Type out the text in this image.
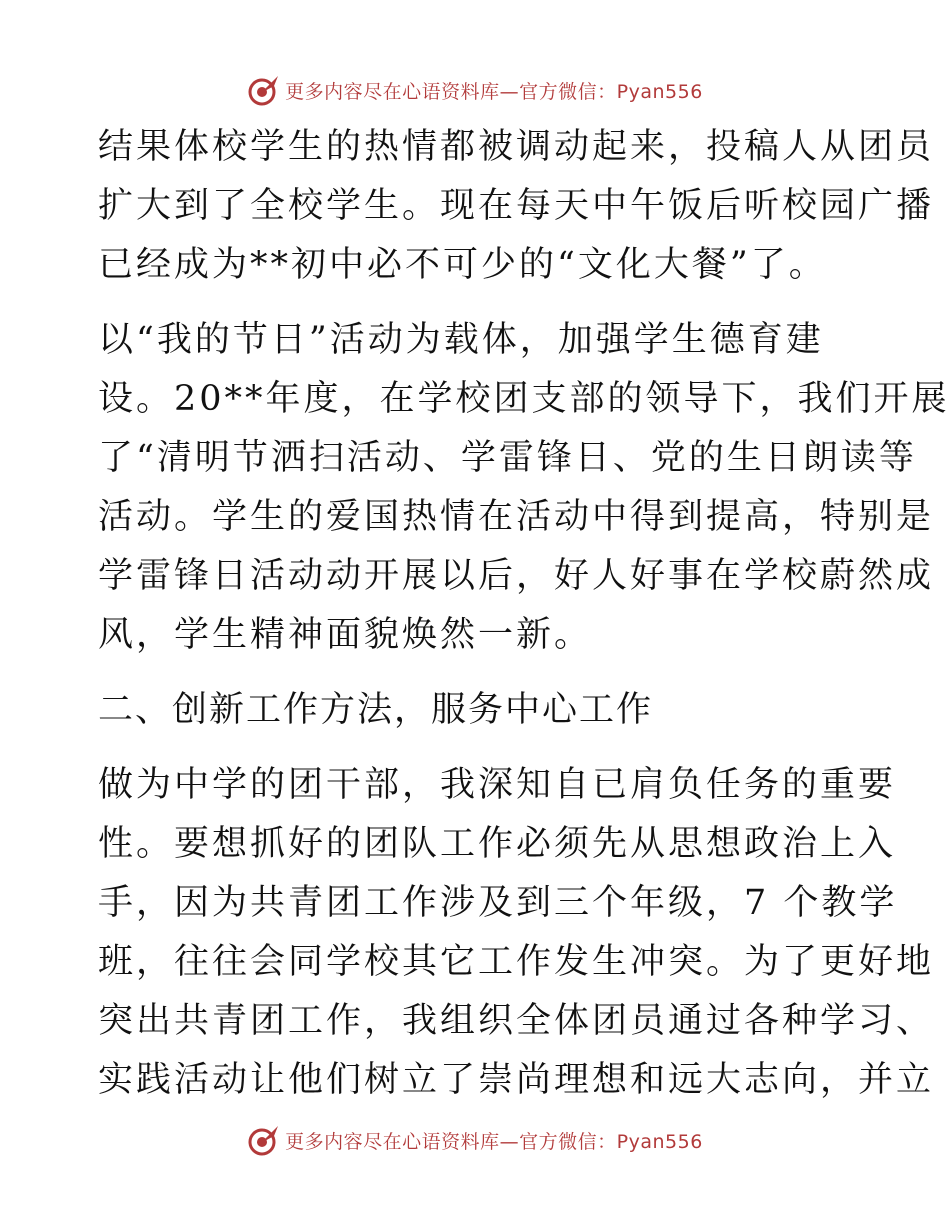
更多内容尽在心语资料库—官方微信：Pyan556
结果体校学生的热情都被调动起来，投稿人从团员
扩大到了全校学生。现在每天中午饭后听校园广播
已经成为**初中必不可少的“文化大餐”了。
以“我的节日”活动为载体，加强学生德育建
设。20**年度，在学校团支部的领导下，我们开展
了“清明节洒扫活动、学雷锋日、党的生日朗读等
活动。学生的爱国热情在活动中得到提高，特别是
学雷锋日活动动开展以后，好人好事在学校蔚然成
风，学生精神面貌焕然一新。
二、创新工作方法，服务中心工作
做为中学的团干部，我深知自已肩负任务的重要
性。要想抓好的团队工作必须先从思想政治上入
手，因为共青团工作涉及到三个年级，7 个教学
班，往往会同学校其它工作发生冲突。为了更好地
突出共青团工作，我组织全体团员通过各种学习、
实践活动让他们树立了崇尚理想和远大志向，并立
更多内容尽在心语资料库—官方微信：Pyan556
